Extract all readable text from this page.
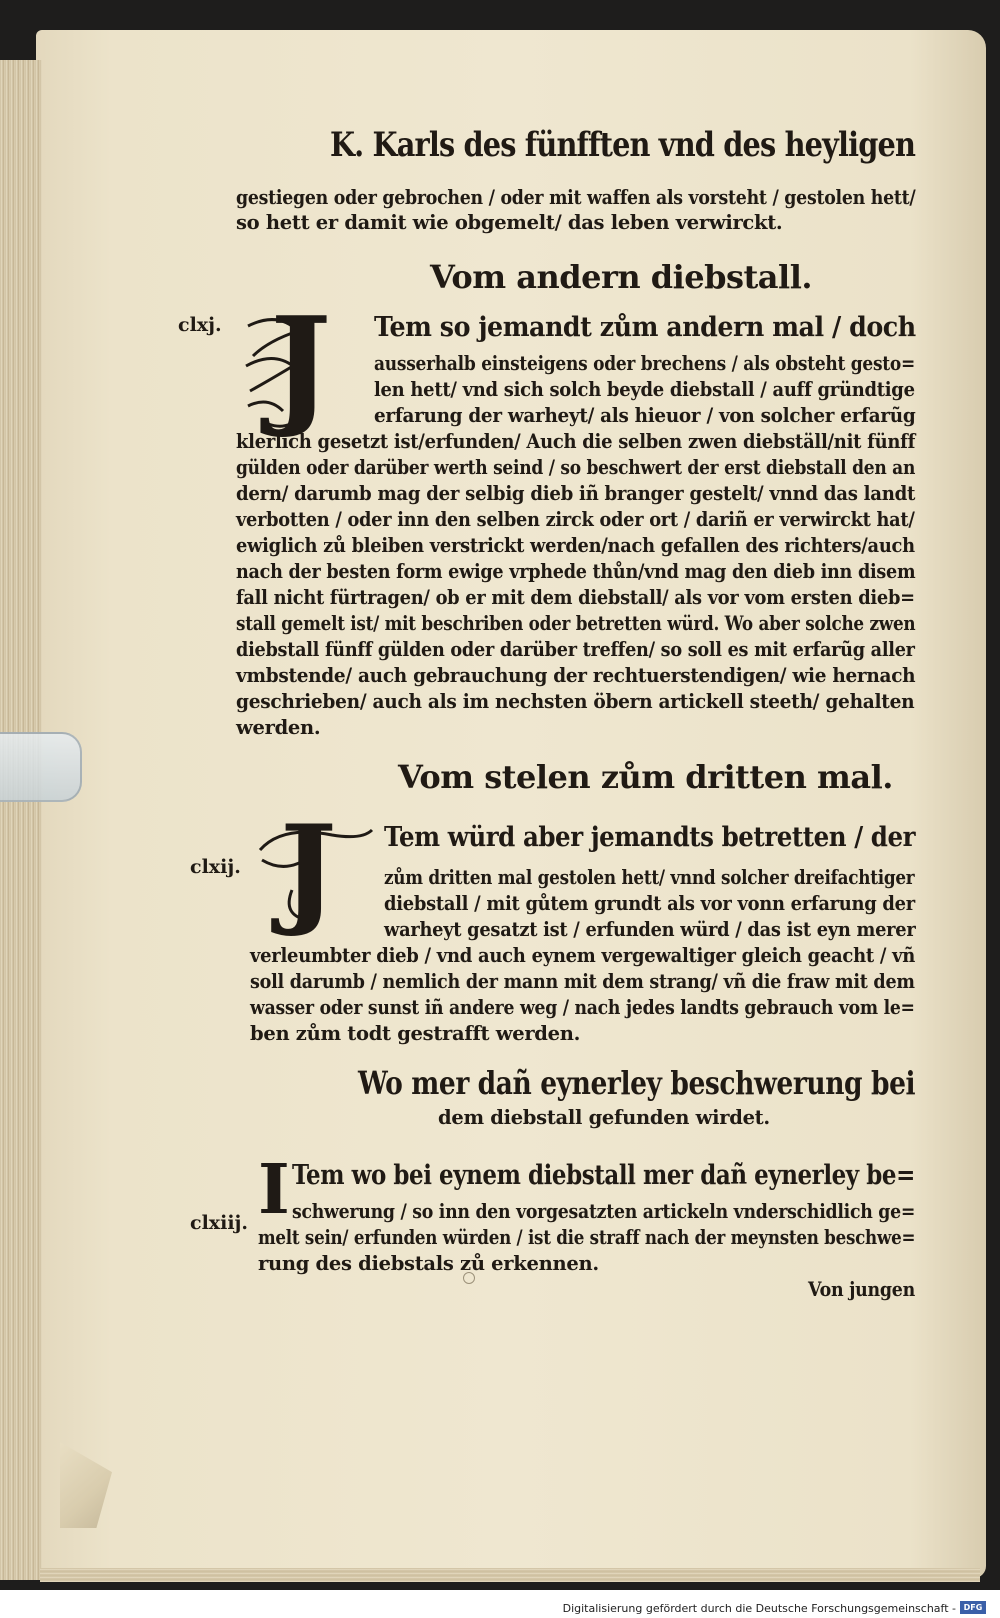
K. Karls des fünfften vnd des heyligen
gestiegen oder gebrochen / oder mit waffen als vorsteht / gestolen hett/
so hett er damit wie obgemelt/ das leben verwirckt.
Vom andern diebstall.
clxj. J Tem so jemandt zům andern mal / doch
ausserhalb einsteigens oder brechens / als obsteht gesto=
len hett/ vnd sich solch beyde diebstall / auff gründtige
erfarung der warheyt/ als hieuor / von solcher erfarũg
klerlich gesetzt ist/erfunden/ Auch die selben zwen diebställ/nit fünff
gülden oder darüber werth seind / so beschwert der erst diebstall den an
dern/ darumb mag der selbig dieb iñ branger gestelt/ vnnd das landt
verbotten / oder inn den selben zirck oder ort / dariñ er verwirckt hat/
ewiglich zů bleiben verstrickt werden/nach gefallen des richters/auch
nach der besten form ewige vrphede thůn/vnd mag den dieb inn disem
fall nicht fürtragen/ ob er mit dem diebstall/ als vor vom ersten dieb=
stall gemelt ist/ mit beschriben oder betretten würd. Wo aber solche zwen
diebstall fünff gülden oder darüber treffen/ so soll es mit erfarũg aller
vmbstende/ auch gebrauchung der rechtuerstendigen/ wie hernach
geschrieben/ auch als im nechsten öbern artickell steeth/ gehalten
werden.
Vom stelen zům dritten mal.
clxij. J Tem würd aber jemandts betretten / der
zům dritten mal gestolen hett/ vnnd solcher dreifachtiger
diebstall / mit gůtem grundt als vor vonn erfarung der
warheyt gesatzt ist / erfunden würd / das ist eyn merer
verleumbter dieb / vnd auch eynem vergewaltiger gleich geacht / vñ
soll darumb / nemlich der mann mit dem strang/ vñ die fraw mit dem
wasser oder sunst iñ andere weg / nach jedes landts gebrauch vom le=
ben zům todt gestrafft werden.
Wo mer dañ eynerley beschwerung bei
dem diebstall gefunden wirdet.
clxiij. I Tem wo bei eynem diebstall mer dañ eynerley be=
schwerung / so inn den vorgesatzten artickeln vnderschidlich ge=
melt sein/ erfunden würden / ist die straff nach der meynsten beschwe=
rung des diebstals zů erkennen.
Von jungen
Digitalisierung gefördert durch die Deutsche Forschungsgemeinschaft - DFG
